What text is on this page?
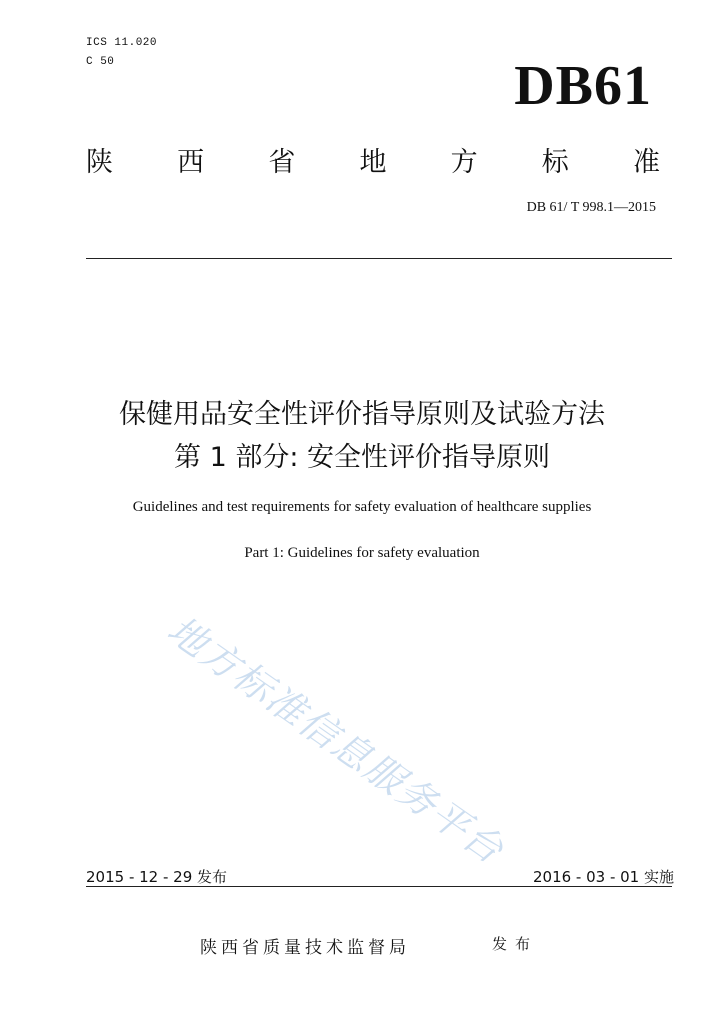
ICS 11.020
C 50	DB61
陕 西 省 地 方 标 准
DB 61/ T 998.1—2015
保健用品安全性评价指导原则及试验方法
第 1 部分: 安全性评价指导原则
Guidelines and test requirements for safety evaluation of healthcare supplies
Part 1: Guidelines for safety evaluation
地方标准信息服务平台
2015 - 12 - 29 发布	2016 - 03 - 01 实施
陕西省质量技术监督局	发布
